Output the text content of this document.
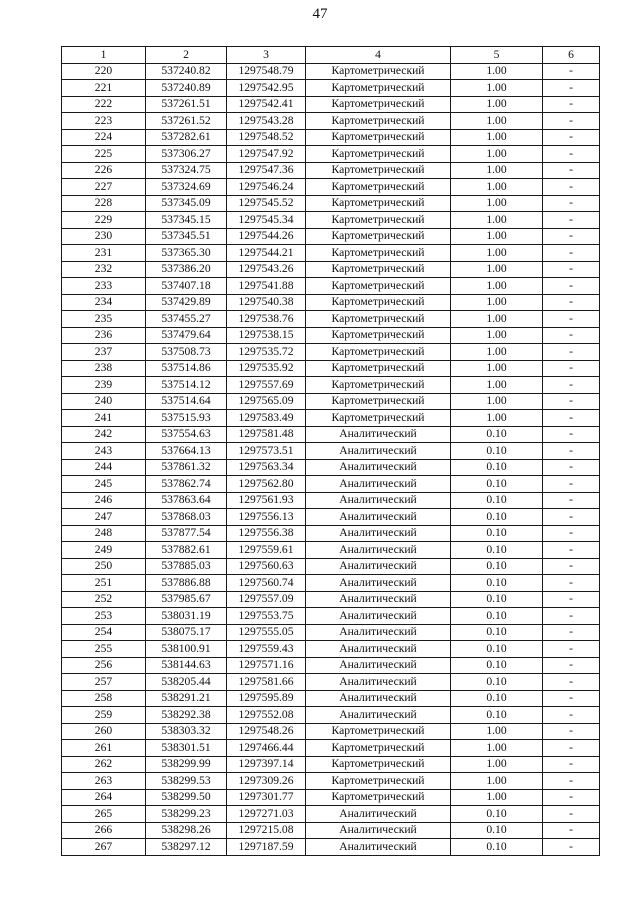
47
1	2	3	4	5	6
220	537240.82	1297548.79	Картометрический	1.00	-
221	537240.89	1297542.95	Картометрический	1.00	-
222	537261.51	1297542.41	Картометрический	1.00	-
223	537261.52	1297543.28	Картометрический	1.00	-
224	537282.61	1297548.52	Картометрический	1.00	-
225	537306.27	1297547.92	Картометрический	1.00	-
226	537324.75	1297547.36	Картометрический	1.00	-
227	537324.69	1297546.24	Картометрический	1.00	-
228	537345.09	1297545.52	Картометрический	1.00	-
229	537345.15	1297545.34	Картометрический	1.00	-
230	537345.51	1297544.26	Картометрический	1.00	-
231	537365.30	1297544.21	Картометрический	1.00	-
232	537386.20	1297543.26	Картометрический	1.00	-
233	537407.18	1297541.88	Картометрический	1.00	-
234	537429.89	1297540.38	Картометрический	1.00	-
235	537455.27	1297538.76	Картометрический	1.00	-
236	537479.64	1297538.15	Картометрический	1.00	-
237	537508.73	1297535.72	Картометрический	1.00	-
238	537514.86	1297535.92	Картометрический	1.00	-
239	537514.12	1297557.69	Картометрический	1.00	-
240	537514.64	1297565.09	Картометрический	1.00	-
241	537515.93	1297583.49	Картометрический	1.00	-
242	537554.63	1297581.48	Аналитический	0.10	-
243	537664.13	1297573.51	Аналитический	0.10	-
244	537861.32	1297563.34	Аналитический	0.10	-
245	537862.74	1297562.80	Аналитический	0.10	-
246	537863.64	1297561.93	Аналитический	0.10	-
247	537868.03	1297556.13	Аналитический	0.10	-
248	537877.54	1297556.38	Аналитический	0.10	-
249	537882.61	1297559.61	Аналитический	0.10	-
250	537885.03	1297560.63	Аналитический	0.10	-
251	537886.88	1297560.74	Аналитический	0.10	-
252	537985.67	1297557.09	Аналитический	0.10	-
253	538031.19	1297553.75	Аналитический	0.10	-
254	538075.17	1297555.05	Аналитический	0.10	-
255	538100.91	1297559.43	Аналитический	0.10	-
256	538144.63	1297571.16	Аналитический	0.10	-
257	538205.44	1297581.66	Аналитический	0.10	-
258	538291.21	1297595.89	Аналитический	0.10	-
259	538292.38	1297552.08	Аналитический	0.10	-
260	538303.32	1297548.26	Картометрический	1.00	-
261	538301.51	1297466.44	Картометрический	1.00	-
262	538299.99	1297397.14	Картометрический	1.00	-
263	538299.53	1297309.26	Картометрический	1.00	-
264	538299.50	1297301.77	Картометрический	1.00	-
265	538299.23	1297271.03	Аналитический	0.10	-
266	538298.26	1297215.08	Аналитический	0.10	-
267	538297.12	1297187.59	Аналитический	0.10	-
